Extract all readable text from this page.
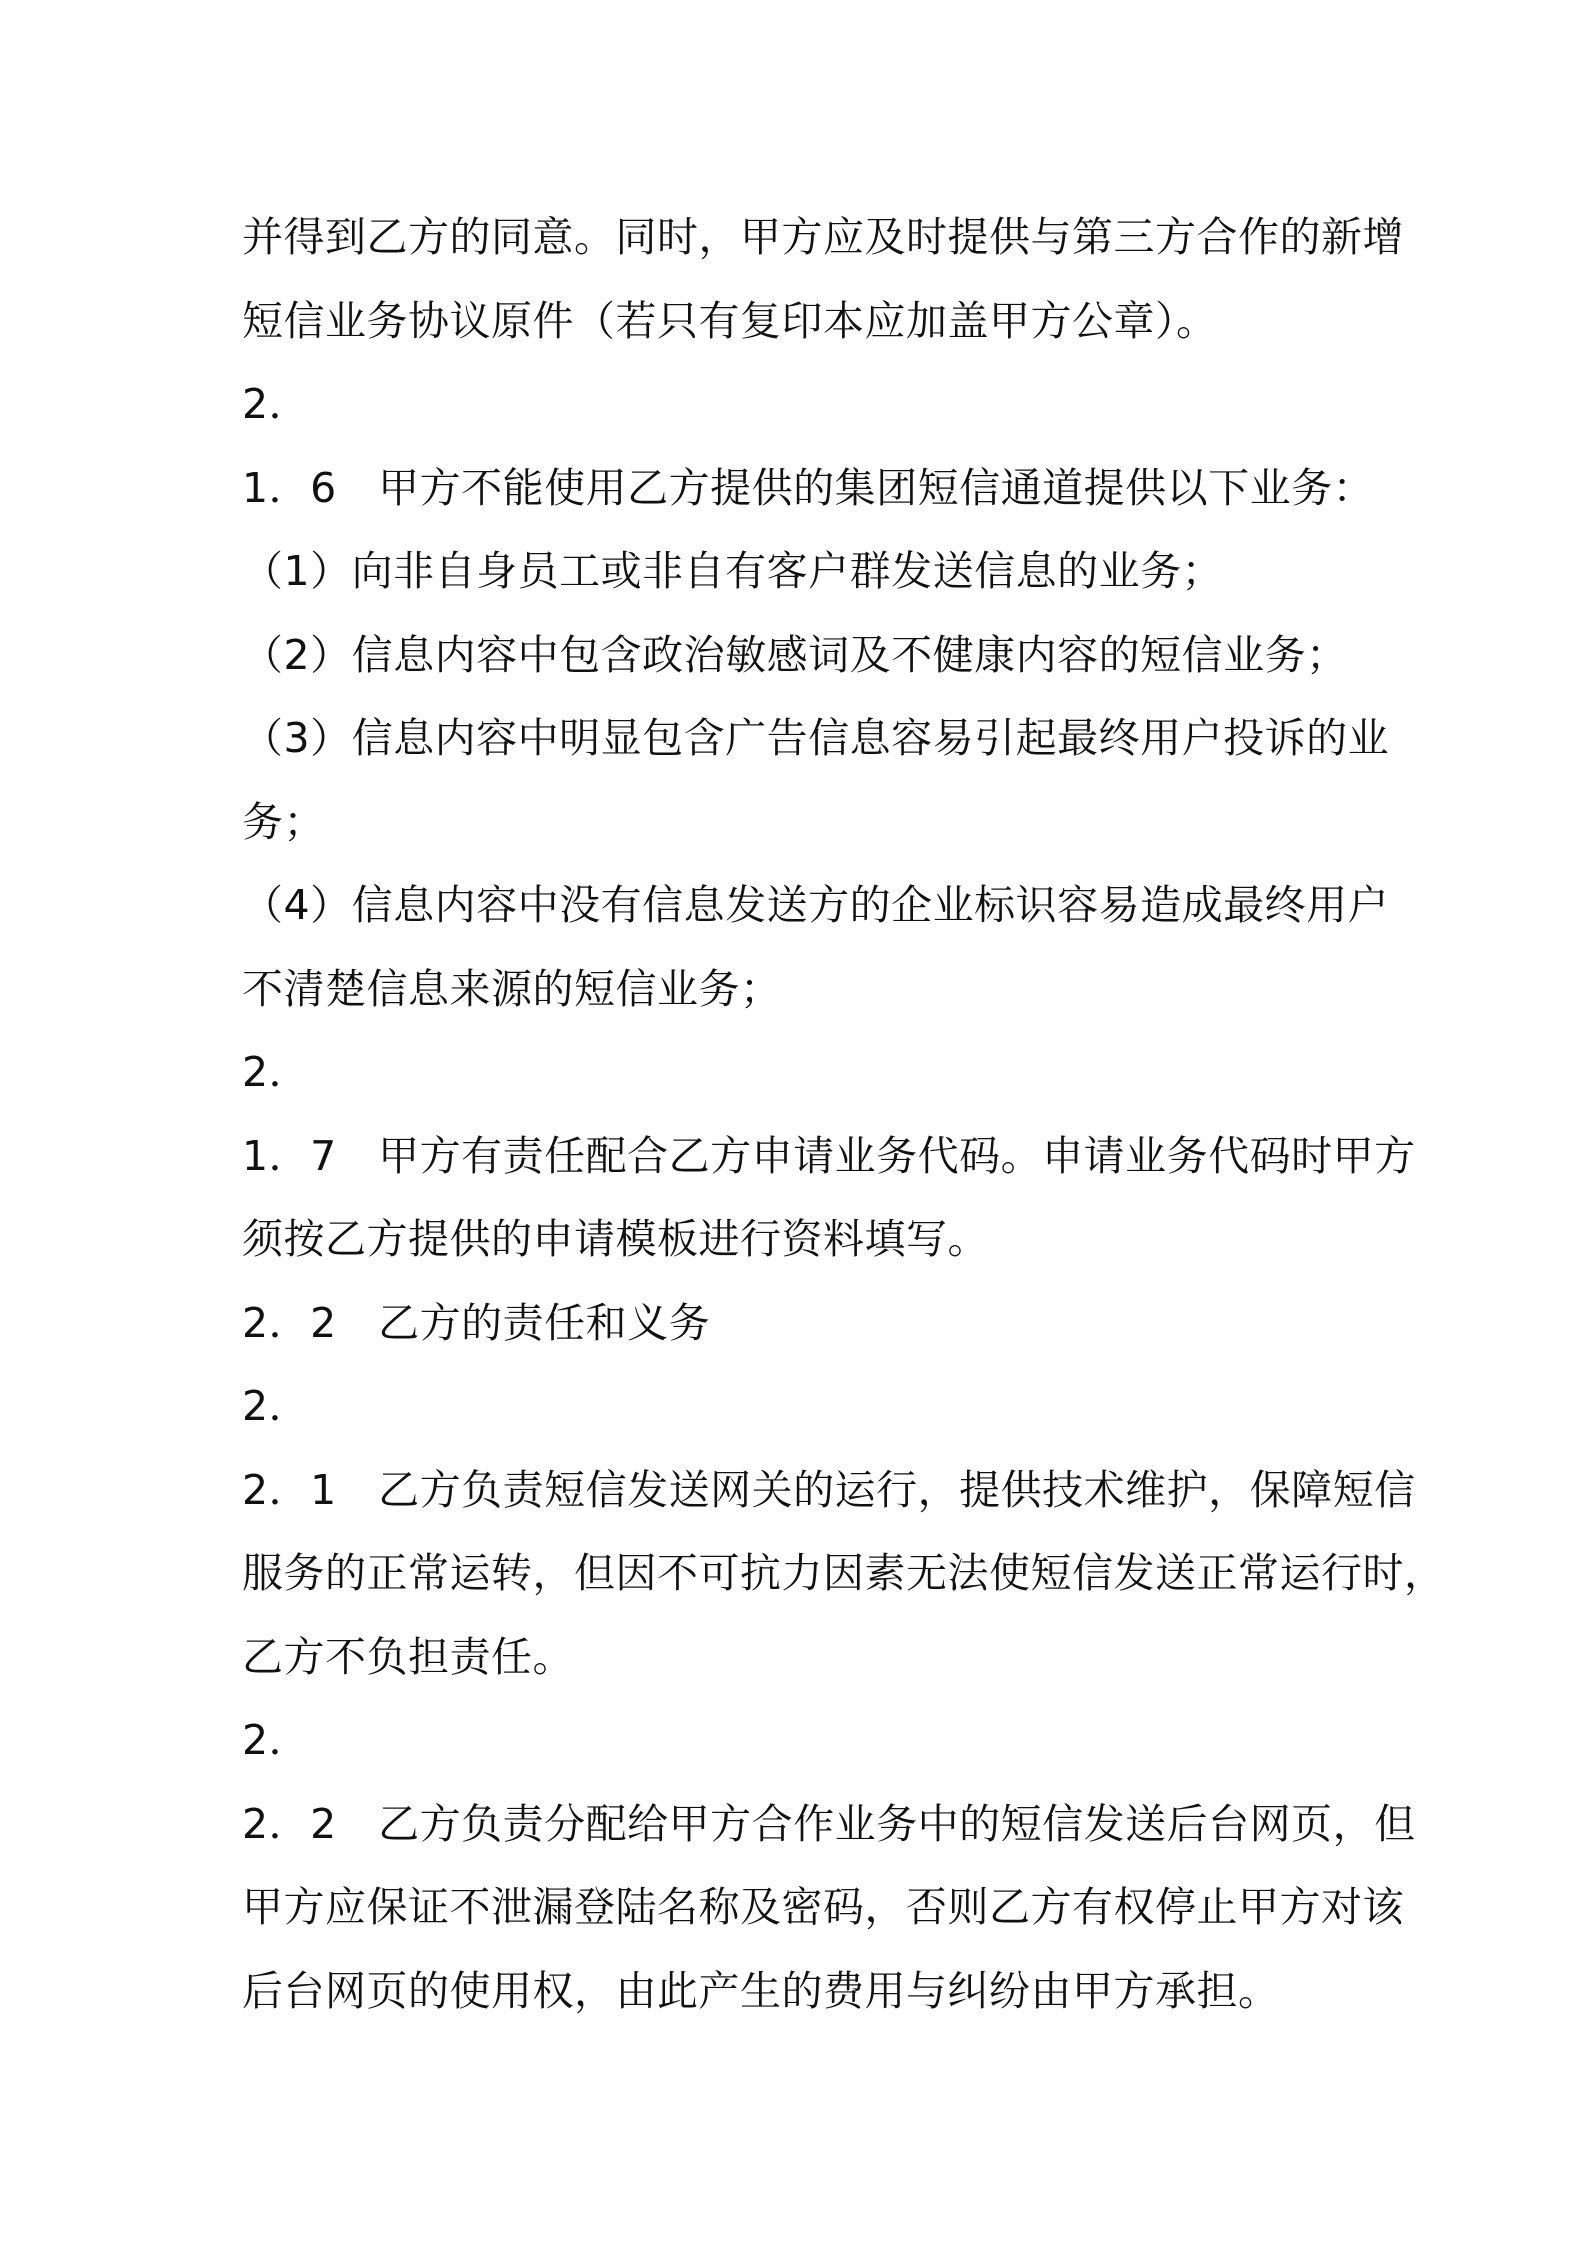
并得到乙方的同意。同时，甲方应及时提供与第三方合作的新增
短信业务协议原件（若只有复印本应加盖甲方公章）。
2．
1．6　甲方不能使用乙方提供的集团短信通道提供以下业务：
（1）向非自身员工或非自有客户群发送信息的业务；
（2）信息内容中包含政治敏感词及不健康内容的短信业务；
（3）信息内容中明显包含广告信息容易引起最终用户投诉的业
务；
（4）信息内容中没有信息发送方的企业标识容易造成最终用户
不清楚信息来源的短信业务；
2．
1．7　甲方有责任配合乙方申请业务代码。申请业务代码时甲方
须按乙方提供的申请模板进行资料填写。
2．2　乙方的责任和义务
2．
2．1　乙方负责短信发送网关的运行，提供技术维护，保障短信
服务的正常运转，但因不可抗力因素无法使短信发送正常运行时，
乙方不负担责任。
2．
2．2　乙方负责分配给甲方合作业务中的短信发送后台网页，但
甲方应保证不泄漏登陆名称及密码，否则乙方有权停止甲方对该
后台网页的使用权，由此产生的费用与纠纷由甲方承担。
